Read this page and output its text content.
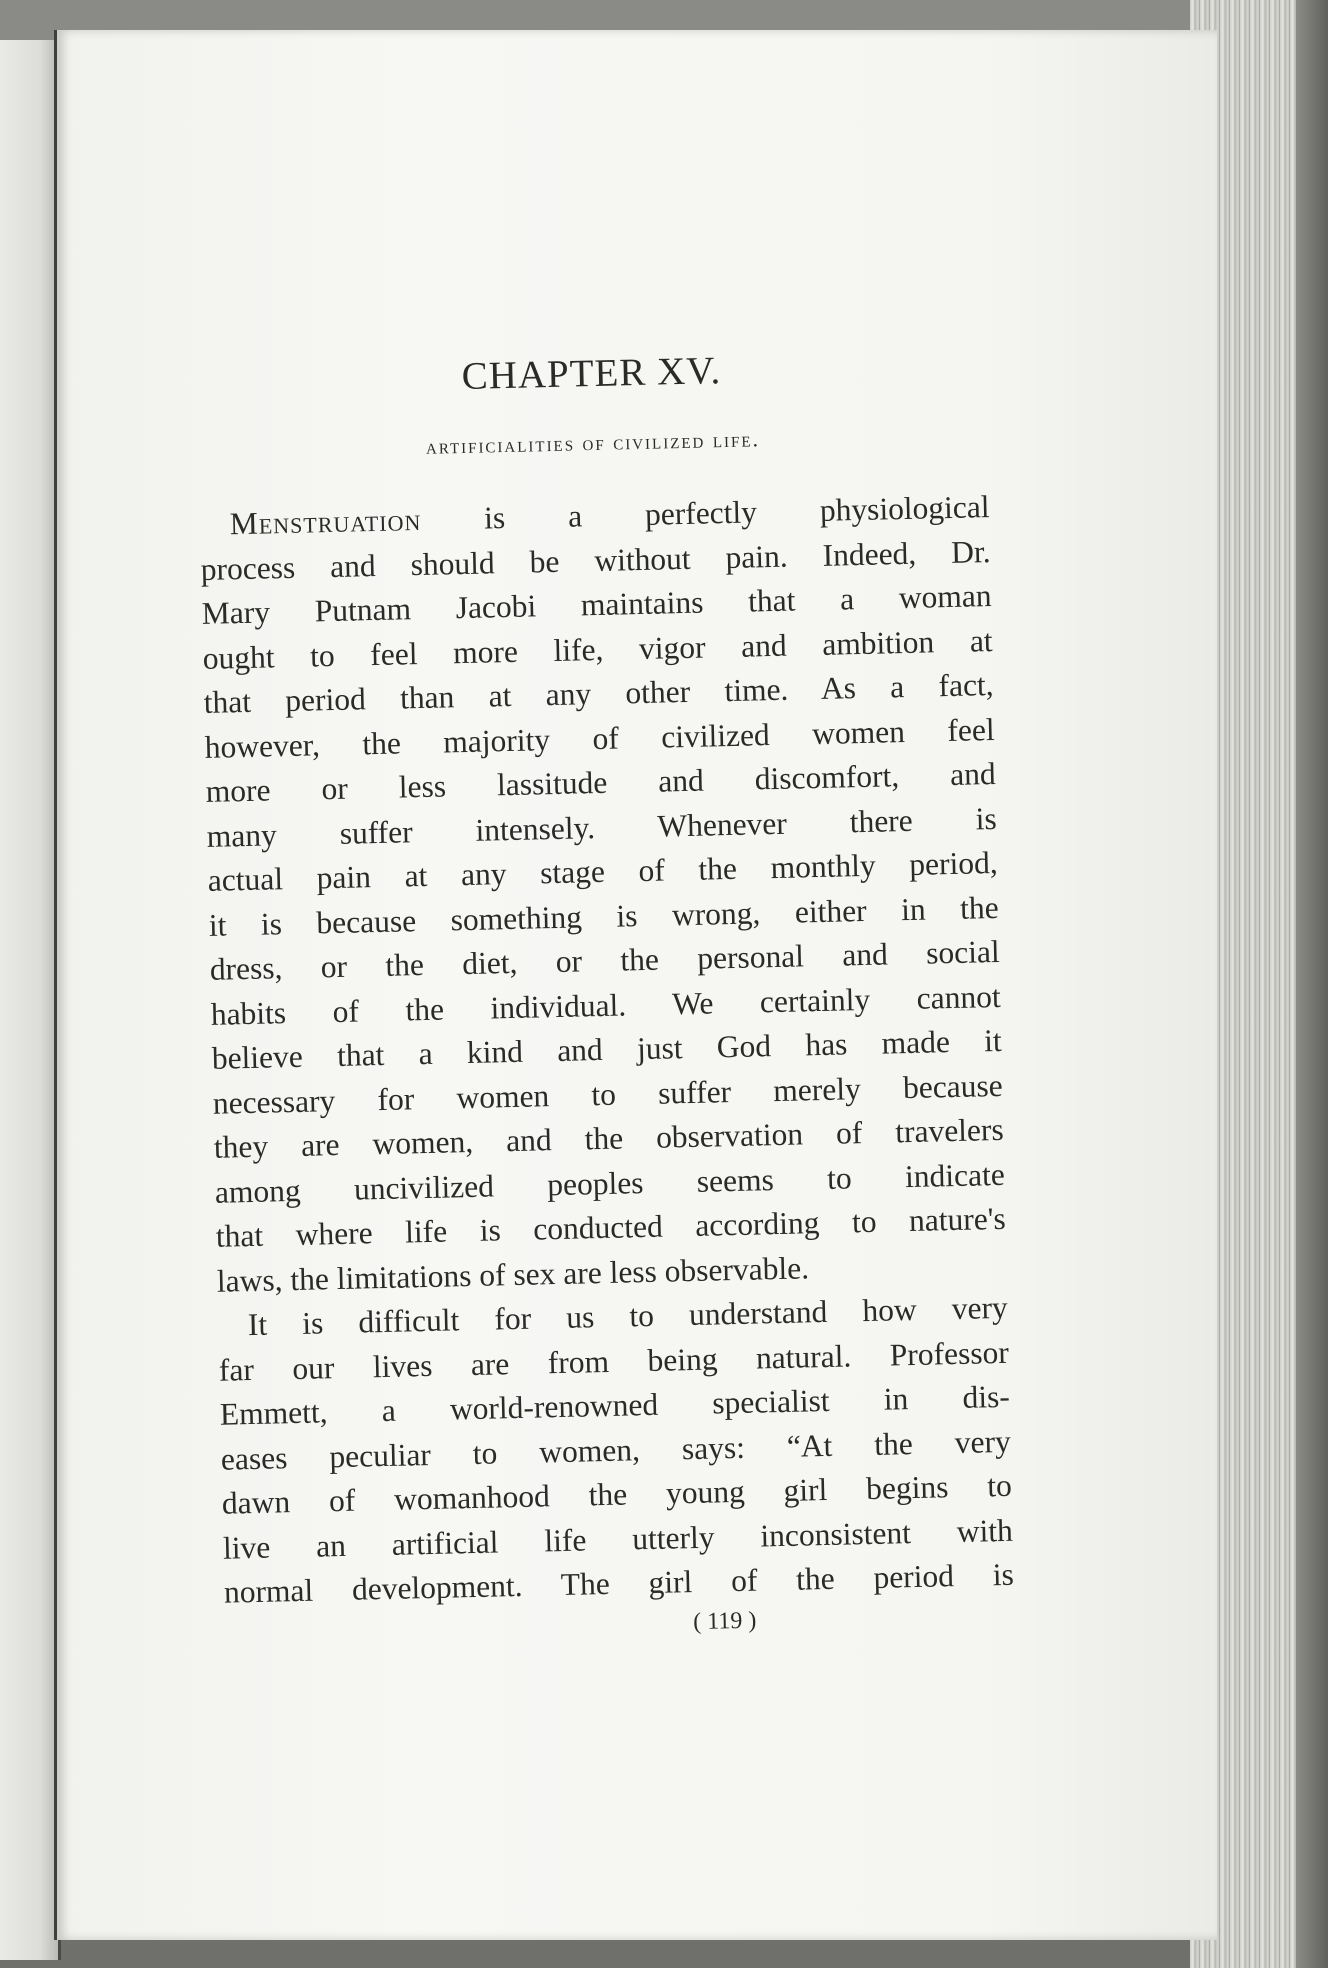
CHAPTER XV.
artificialities of civilized life.
Menstruation is a perfectly physiological
process and should be without pain. Indeed, Dr.
Mary Putnam Jacobi maintains that a woman
ought to feel more life, vigor and ambition at
that period than at any other time. As a fact,
however, the majority of civilized women feel
more or less lassitude and discomfort, and
many suffer intensely. Whenever there is
actual pain at any stage of the monthly period,
it is because something is wrong, either in the
dress, or the diet, or the personal and social
habits of the individual. We certainly cannot
believe that a kind and just God has made it
necessary for women to suffer merely because
they are women, and the observation of travelers
among uncivilized peoples seems to indicate
that where life is conducted according to nature's
laws, the limitations of sex are less observable.
It is difficult for us to understand how very
far our lives are from being natural. Professor
Emmett, a world-renowned specialist in dis-
eases peculiar to women, says: “At the very
dawn of womanhood the young girl begins to
live an artificial life utterly inconsistent with
normal development. The girl of the period is
( 119 )
